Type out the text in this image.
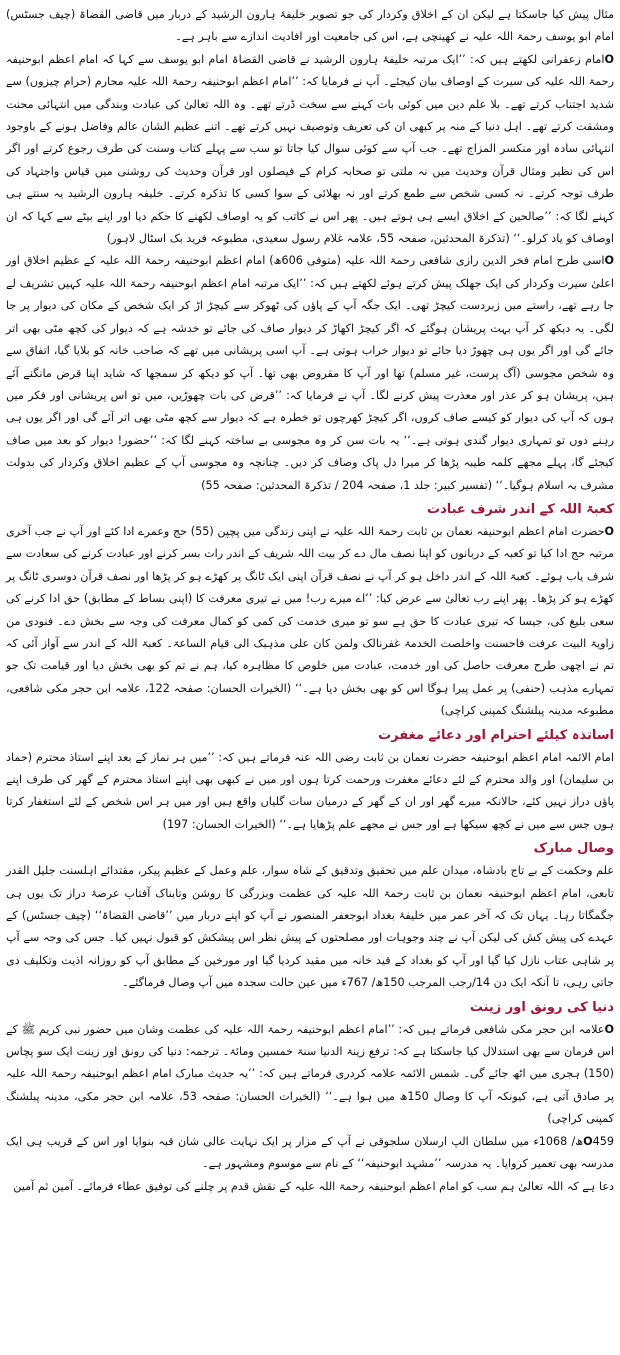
مثال پیش کیا جاسکتا ہے لیکن ان کے اخلاق وکردار کی جو تصویر خلیفۂ ہارون الرشید کے دربار میں قاضی القضاۃ (چیف جسٹس) امام ابو یوسف رحمۃ اللہ علیہ نے کھینچی ہے، اس کی جامعیت اور افادیت اندازے سے باہر ہے۔

Oامام زعفرانی لکھتے ہیں کہ: ’’ایک مرتبہ خلیفۂ ہارون الرشید نے قاضی القضاۃ امام ابو یوسف سے کہا کہ امام اعظم ابوحنیفہ رحمۃ اللہ علیہ کی سیرت کے اوصاف بیان کیجئے۔ آپ نے فرمایا کہ: ’’امام اعظم ابوحنیفہ رحمۃ اللہ علیہ محارم (حرام چیزوں) سے شدید اجتناب کرتے تھے۔ بلا علم دین میں کوئی بات کہنے سے سخت ڈرتے تھے۔ وہ اللہ تعالیٰ کی عبادت وبندگی میں انتہائی محنت ومشقت کرتے تھے۔ اہل دنیا کے منہ پر کبھی ان کی تعریف وتوصیف نہیں کرتے تھے۔ اتنے عظیم الشان عالم وفاضل ہونے کے باوجود انتہائی سادہ اور منکسر المزاج تھے۔ جب آپ سے کوئی سوال کیا جاتا تو سب سے پہلے کتاب وسنت کی طرف رجوع کرتے اور اگر اس کی نظیر ومثال قرآن وحدیث میں نہ ملتی تو صحابہ کرام کے فیصلوں اور قرآن وحدیث کی روشنی میں قیاس واجتہاد کی طرف توجہ کرتے۔ نہ کسی شخص سے طمع کرتے اور نہ بھلائی کے سوا کسی کا تذکرہ کرتے۔ خلیفہ ہارون الرشید یہ سنتے ہی کہنے لگا کہ: ’’صالحین کے اخلاق ایسے ہی ہوتے ہیں۔ پھر اس نے کاتب کو یہ اوصاف لکھنے کا حکم دیا اور اپنے بیٹے سے کہا کہ ان اوصاف کو یاد کرلو۔‘‘ (تذکرۃ المحدثین، صفحہ 55، علامہ غلام رسول سعیدی، مطبوعہ فرید بک اسٹال لاہور)

Oاسی طرح امام فخر الدین رازی شافعی رحمۃ اللہ علیہ (متوفی 606ھ) امام اعظم ابوحنیفہ رحمۃ اللہ علیہ کے عظیم اخلاق اور اعلیٰ سیرت وکردار کی ایک جھلک پیش کرتے ہوئے لکھتے ہیں کہ: ’’ایک مرتبہ امام اعظم ابوحنیفہ رحمۃ اللہ علیہ کہیں تشریف لے جا رہے تھے، راستے میں زبردست کیچڑ تھی۔ ایک جگہ آپ کے پاؤں کی ٹھوکر سے کیچڑ اڑ کر ایک شخص کے مکان کی دیوار پر جا لگی۔ یہ دیکھ کر آپ بہت پریشان ہوگئے کہ اگر کیچڑ اکھاڑ کر دیوار صاف کی جائے تو خدشہ ہے کہ دیوار کی کچھ مٹی بھی اتر جائے گی اور اگر یوں ہی چھوڑ دیا جائے تو دیوار خراب ہوتی ہے۔ آپ اسی پریشانی میں تھے کہ صاحب خانہ کو بلایا گیا، اتفاق سے وہ شخص مجوسی (آگ پرست، غیر مسلم) تھا اور آپ کا مقروض بھی تھا۔ آپ کو دیکھ کر سمجھا کہ شاید اپنا قرض مانگنے آئے ہیں، پریشان ہو کر عذر اور معذرت پیش کرنے لگا۔ آپ نے فرمایا کہ: ’’قرض کی بات چھوڑیں، میں تو اس پریشانی اور فکر میں ہوں کہ آپ کی دیوار کو کیسے صاف کروں، اگر کیچڑ کھرچوں تو خطرہ ہے کہ دیوار سے کچھ مٹی بھی اتر آئے گی اور اگر یوں ہی رہنے دوں تو تمہاری دیوار گندی ہوتی ہے۔‘‘ یہ بات سن کر وہ مجوسی بے ساختہ کہنے لگا کہ: ’’حضور! دیوار کو بعد میں صاف کیجئے گا، پہلے مجھے کلمہ طیبہ پڑھا کر میرا دل پاک وصاف کر دیں۔ چنانچہ وہ مجوسی آپ کے عظیم اخلاق وکردار کی بدولت مشرف بہ اسلام ہوگیا۔‘‘ (تفسیر کبیر: جلد 1، صفحہ 204 / تذکرۃ المحدثین: صفحہ 55)

کعبۃ اللہ کے اندر شرف عبادت

Oحضرت امام اعظم ابوحنیفہ نعمان بن ثابت رحمۃ اللہ علیہ نے اپنی زندگی میں پچپن (55) حج وعمرے ادا کئے اور آپ نے جب آخری مرتبہ حج ادا کیا تو کعبہ کے دربانوں کو اپنا نصف مال دے کر بیت اللہ شریف کے اندر رات بسر کرنے اور عبادت کرنے کی سعادت سے شرف یاب ہوئے۔ کعبۃ اللہ کے اندر داخل ہو کر آپ نے نصف قرآن اپنی ایک ٹانگ پر کھڑے ہو کر پڑھا اور نصف قرآن دوسری ٹانگ پر کھڑے ہو کر پڑھا۔ پھر اپنے رب تعالیٰ سے عرض کیا: ’’اے میرے رب! میں نے تیری معرفت کا (اپنی بساط کے مطابق) حق ادا کرنے کی سعی بلیغ کی، جیسا کہ تیری عبادت کا حق ہے سو تو میری خدمت کی کمی کو کمال معرفت کی وجہ سے بخش دے۔ فنودی من زاویۃ البیت عرفت فاحسنت واخلصت الخدمۃ غفرنالک ولمن کان علی مذہبک الی قیام الساعۃ۔ کعبۃ اللہ کے اندر سے آواز آئی کہ تم نے اچھی طرح معرفت حاصل کی اور خدمت، عبادت میں خلوص کا مظاہرہ کیا، ہم نے تم کو بھی بخش دیا اور قیامت تک جو تمہارے مذہب (حنفی) پر عمل پیرا ہوگا اس کو بھی بخش دیا ہے۔‘‘ (الخیرات الحسان: صفحہ 122، علامہ ابن حجر مکی شافعی، مطبوعہ مدینہ پبلشنگ کمپنی کراچی)

اساتذہ کیلئے احترام اور دعائے مغفرت

امام الائمہ امام اعظم ابوحنیفہ حضرت نعمان بن ثابت رضی اللہ عنہ فرماتے ہیں کہ: ’’میں ہر نماز کے بعد اپنے استاذ محترم (حماد بن سلیمان) اور والد محترم کے لئے دعائے مغفرت ورحمت کرتا ہوں اور میں نے کبھی بھی اپنے استاذ محترم کے گھر کی طرف اپنے پاؤں دراز نہیں کئے، حالانکہ میرے گھر اور ان کے گھر کے درمیان سات گلیاں واقع ہیں اور میں ہر اس شخص کے لئے استغفار کرتا ہوں جس سے میں نے کچھ سیکھا ہے اور جس نے مجھے علم پڑھایا ہے۔‘‘ (الخیرات الحسان: 197)

وصال مبارک

علم وحکمت کے بے تاج بادشاہ، میدان علم میں تحقیق وتدقیق کے شاہ سوار، علم وعمل کے عظیم پیکر، مقتدائے اہلسنت جلیل القدر تابعی، امام اعظم ابوحنیفہ نعمان بن ثابت رحمۃ اللہ علیہ کی عظمت وبزرگی کا روشن وتابناک آفتاب عرصۂ دراز تک یوں ہی جگمگاتا رہا۔ یہاں تک کہ آخر عمر میں خلیفۂ بغداد ابوجعفر المنصور نے آپ کو اپنے دربار میں ’’قاضی القضاۃ‘‘ (چیف جسٹس) کے عہدے کی پیش کش کی لیکن آپ نے چند وجوہات اور مصلحتوں کے پیش نظر اس پیشکش کو قبول نہیں کیا۔ جس کی وجہ سے آپ پر شاہی عتاب نازل کیا گیا اور آپ کو بغداد کے قید خانہ میں مقید کردیا گیا اور مورخین کے مطابق آپ کو روزانہ اذیت وتکلیف دی جاتی رہی، تا آنکہ ایک دن 14/رجب المرجب 150ھ/ 767ء میں عین حالت سجدہ میں آپ وصال فرماگئے۔

دنیا کی رونق اور زینت

Oعلامہ ابن حجر مکی شافعی فرماتے ہیں کہ: ’’امام اعظم ابوحنیفہ رحمۃ اللہ علیہ کی عظمت وشان میں حضور نبی کریم ﷺ کے اس فرمان سے بھی استدلال کیا جاسکتا ہے کہ: ترفع زینۃ الدنیا سنۃ خمسین ومائۃ۔ ترجمہ: دنیا کی رونق اور زینت ایک سو پچاس (150) ہجری میں اٹھ جائے گی۔ شمس الائمہ علامہ کردری فرماتے ہیں کہ: ’’یہ حدیث مبارک امام اعظم ابوحنیفہ رحمۃ اللہ علیہ پر صادق آتی ہے، کیونکہ آپ کا وصال 150ھ میں ہوا ہے۔‘‘ (الخیرات الحسان: صفحہ 53، علامہ ابن حجر مکی، مدینہ پبلشنگ کمپنی کراچی)

O459ھ/ 1068ء میں سلطان الپ ارسلان سلجوقی نے آپ کے مزار پر ایک نہایت عالی شان قبہ بنوایا اور اس کے قریب ہی ایک مدرسہ بھی تعمیر کروایا۔ یہ مدرسہ ’’مشہد ابوحنیفہ‘‘ کے نام سے موسوم ومشہور ہے۔

دعا ہے کہ اللہ تعالیٰ ہم سب کو امام اعظم ابوحنیفہ رحمۃ اللہ علیہ کے نقش قدم پر چلنے کی توفیق عطاء فرمائے۔ آمین ثم آمین
